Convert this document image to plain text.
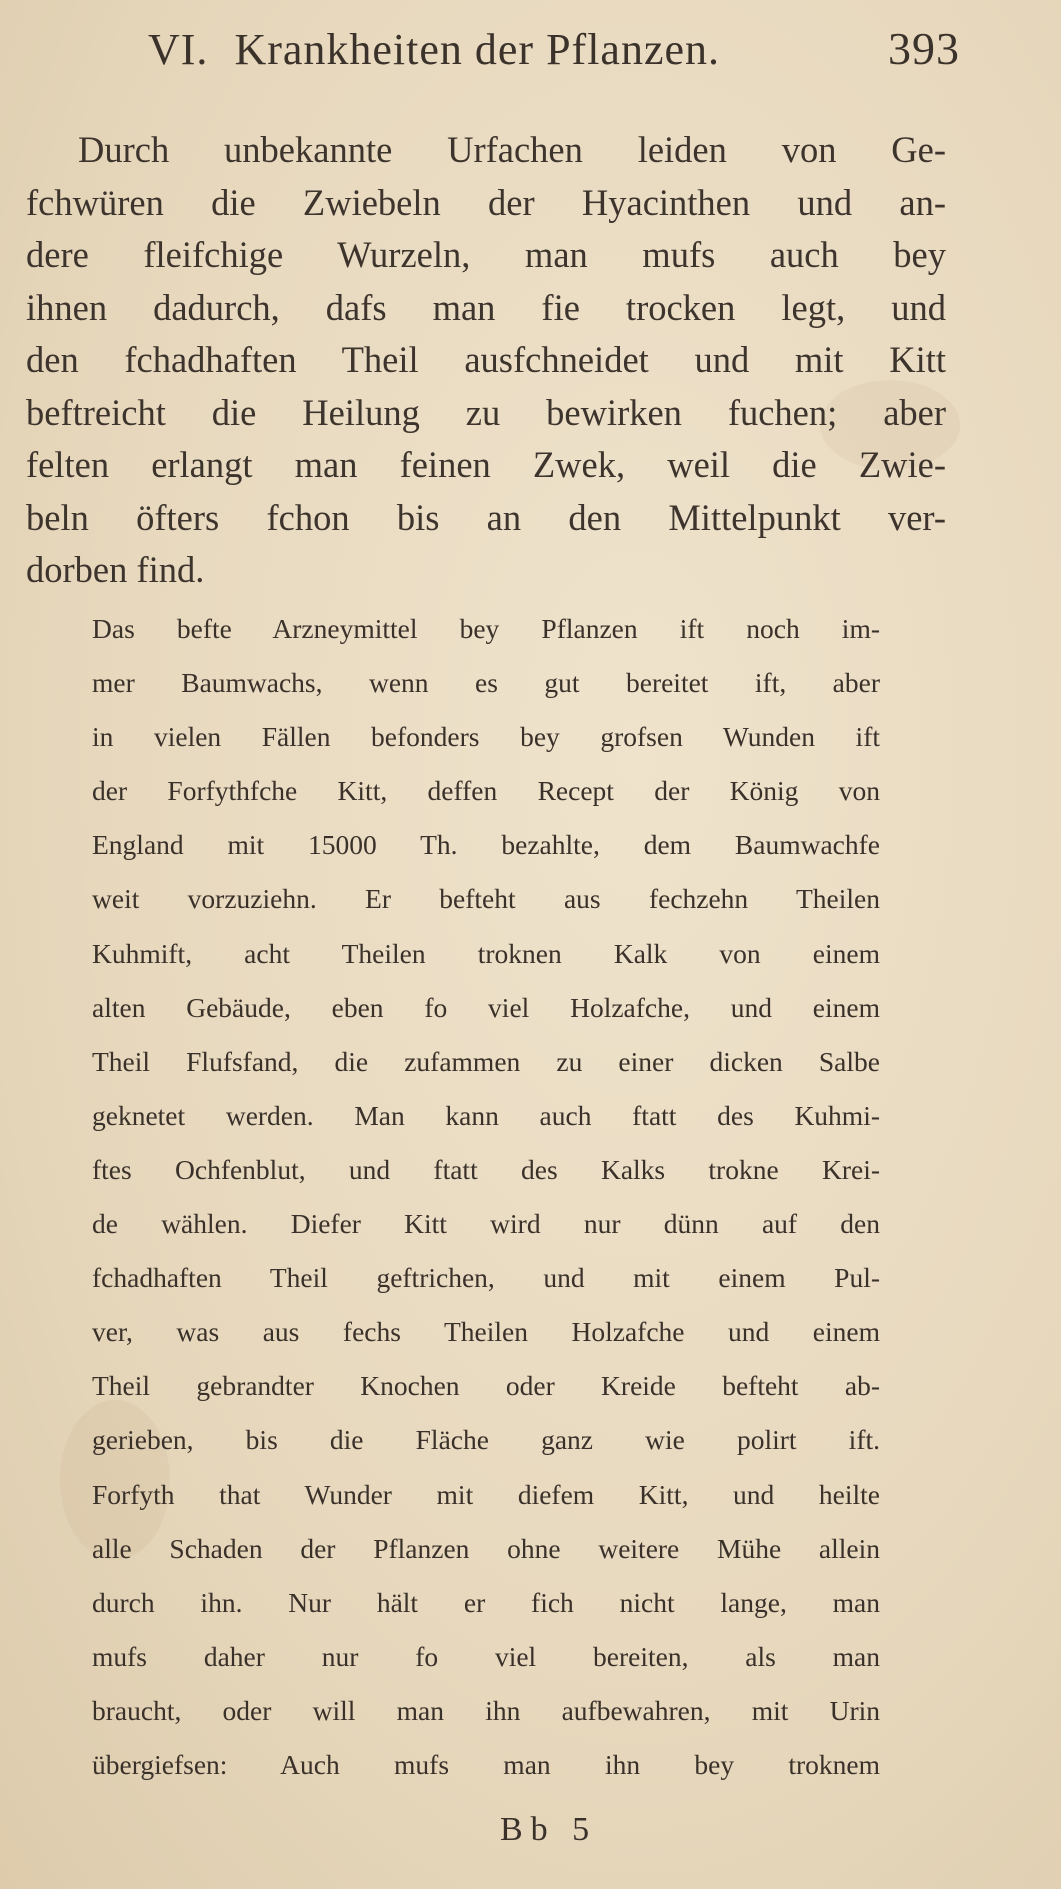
VI. Krankheiten der Pflanzen.	393
Durch unbekannte Urfachen leiden von Ge-
fchwüren die Zwiebeln der Hyacinthen und an-
dere fleifchige Wurzeln, man mufs auch bey
ihnen dadurch, dafs man fie trocken legt, und
den fchadhaften Theil ausfchneidet und mit Kitt
beftreicht die Heilung zu bewirken fuchen; aber
felten erlangt man feinen Zwek, weil die Zwie-
beln öfters fchon bis an den Mittelpunkt ver-
dorben find.
Das befte Arzneymittel bey Pflanzen ift noch im-
mer Baumwachs, wenn es gut bereitet ift, aber
in vielen Fällen befonders bey grofsen Wunden ift
der Forfythfche Kitt, deffen Recept der König von
England mit 15000 Th. bezahlte, dem Baumwachfe
weit vorzuziehn. Er befteht aus fechzehn Theilen
Kuhmift, acht Theilen troknen Kalk von einem
alten Gebäude, eben fo viel Holzafche, und einem
Theil Flufsfand, die zufammen zu einer dicken Salbe
geknetet werden. Man kann auch ftatt des Kuhmi-
ftes Ochfenblut, und ftatt des Kalks trokne Krei-
de wählen. Diefer Kitt wird nur dünn auf den
fchadhaften Theil geftrichen, und mit einem Pul-
ver, was aus fechs Theilen Holzafche und einem
Theil gebrandter Knochen oder Kreide befteht ab-
gerieben, bis die Fläche ganz wie polirt ift.
Forfyth that Wunder mit diefem Kitt, und heilte
alle Schaden der Pflanzen ohne weitere Mühe allein
durch ihn. Nur hält er fich nicht lange, man
mufs daher nur fo viel bereiten, als man
braucht, oder will man ihn aufbewahren, mit Urin
übergiefsen: Auch mufs man ihn bey troknem
Bb 5
